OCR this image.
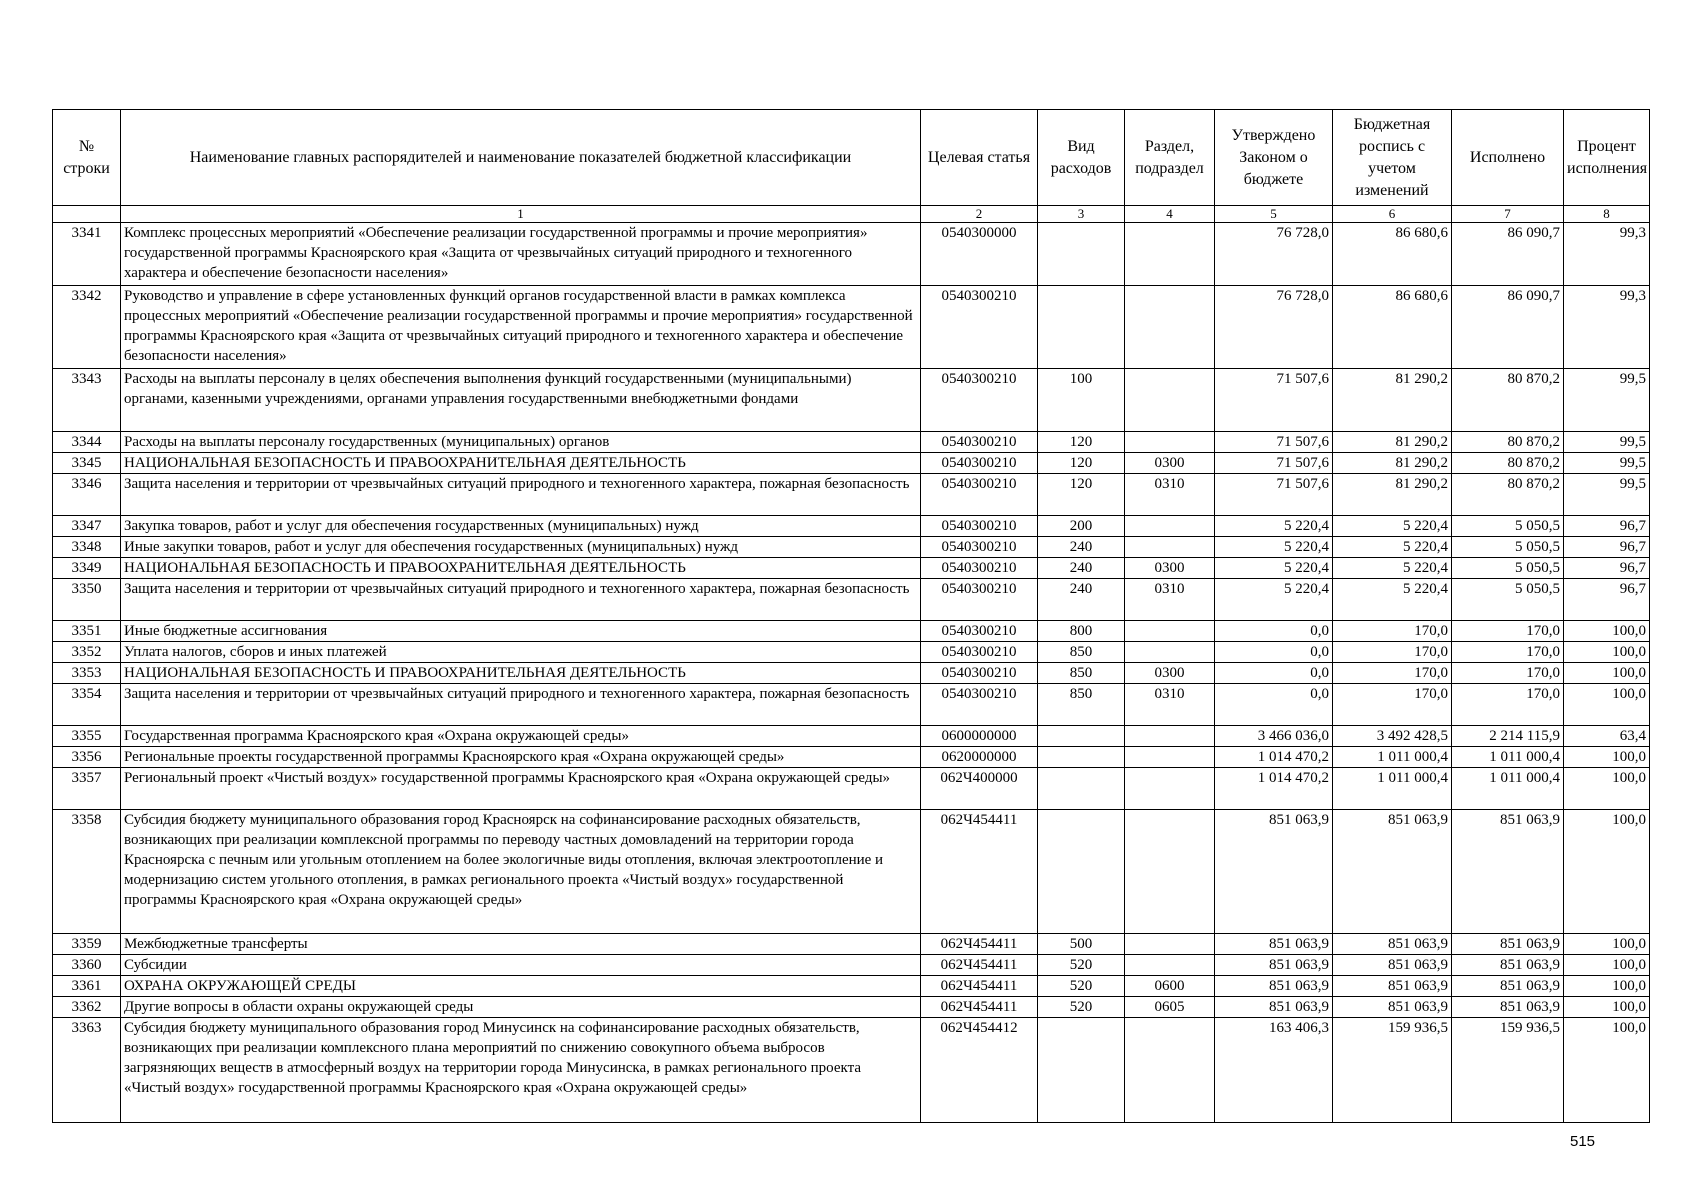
№ строки	Наименование главных распорядителей и наименование показателей бюджетной классификации	Целевая статья	Вид расходов	Раздел, подраздел	Утверждено Законом о бюджете	Бюджетная роспись с учетом изменений	Исполнено	Процент исполнения
	1	2	3	4	5	6	7	8
3341	Комплекс процессных мероприятий «Обеспечение реализации государственной программы и прочие мероприятия» государственной программы Красноярского края «Защита от чрезвычайных ситуаций природного и техногенного характера и обеспечение безопасности населения»	0540300000			76 728,0	86 680,6	86 090,7	99,3
3342	Руководство и управление в сфере установленных функций органов государственной власти в рамках комплекса процессных мероприятий «Обеспечение реализации государственной программы и прочие мероприятия» государственной программы Красноярского края «Защита от чрезвычайных ситуаций природного и техногенного характера и обеспечение безопасности населения»	0540300210			76 728,0	86 680,6	86 090,7	99,3
3343	Расходы на выплаты персоналу в целях обеспечения выполнения функций государственными (муниципальными) органами, казенными учреждениями, органами управления государственными внебюджетными фондами	0540300210	100		71 507,6	81 290,2	80 870,2	99,5
3344	Расходы на выплаты персоналу государственных (муниципальных) органов	0540300210	120		71 507,6	81 290,2	80 870,2	99,5
3345	НАЦИОНАЛЬНАЯ БЕЗОПАСНОСТЬ И ПРАВООХРАНИТЕЛЬНАЯ ДЕЯТЕЛЬНОСТЬ	0540300210	120	0300	71 507,6	81 290,2	80 870,2	99,5
3346	Защита населения и территории от чрезвычайных ситуаций природного и техногенного характера, пожарная безопасность	0540300210	120	0310	71 507,6	81 290,2	80 870,2	99,5
3347	Закупка товаров, работ и услуг для обеспечения государственных (муниципальных) нужд	0540300210	200		5 220,4	5 220,4	5 050,5	96,7
3348	Иные закупки товаров, работ и услуг для обеспечения государственных (муниципальных) нужд	0540300210	240		5 220,4	5 220,4	5 050,5	96,7
3349	НАЦИОНАЛЬНАЯ БЕЗОПАСНОСТЬ И ПРАВООХРАНИТЕЛЬНАЯ ДЕЯТЕЛЬНОСТЬ	0540300210	240	0300	5 220,4	5 220,4	5 050,5	96,7
3350	Защита населения и территории от чрезвычайных ситуаций природного и техногенного характера, пожарная безопасность	0540300210	240	0310	5 220,4	5 220,4	5 050,5	96,7
3351	Иные бюджетные ассигнования	0540300210	800		0,0	170,0	170,0	100,0
3352	Уплата налогов, сборов и иных платежей	0540300210	850		0,0	170,0	170,0	100,0
3353	НАЦИОНАЛЬНАЯ БЕЗОПАСНОСТЬ И ПРАВООХРАНИТЕЛЬНАЯ ДЕЯТЕЛЬНОСТЬ	0540300210	850	0300	0,0	170,0	170,0	100,0
3354	Защита населения и территории от чрезвычайных ситуаций природного и техногенного характера, пожарная безопасность	0540300210	850	0310	0,0	170,0	170,0	100,0
3355	Государственная программа Красноярского края «Охрана окружающей среды»	0600000000			3 466 036,0	3 492 428,5	2 214 115,9	63,4
3356	Региональные проекты государственной программы Красноярского края «Охрана окружающей среды»	0620000000			1 014 470,2	1 011 000,4	1 011 000,4	100,0
3357	Региональный проект «Чистый воздух» государственной программы Красноярского края «Охрана окружающей среды»	062Ч400000			1 014 470,2	1 011 000,4	1 011 000,4	100,0
3358	Субсидия бюджету муниципального образования город Красноярск на софинансирование расходных обязательств, возникающих при реализации комплексной программы по переводу частных домовладений на территории города Красноярска с печным или угольным отоплением на более экологичные виды отопления, включая электроотопление и модернизацию систем угольного отопления, в рамках регионального проекта «Чистый воздух» государственной программы Красноярского края «Охрана окружающей среды»	062Ч454411			851 063,9	851 063,9	851 063,9	100,0
3359	Межбюджетные трансферты	062Ч454411	500		851 063,9	851 063,9	851 063,9	100,0
3360	Субсидии	062Ч454411	520		851 063,9	851 063,9	851 063,9	100,0
3361	ОХРАНА ОКРУЖАЮЩЕЙ СРЕДЫ	062Ч454411	520	0600	851 063,9	851 063,9	851 063,9	100,0
3362	Другие вопросы в области охраны окружающей среды	062Ч454411	520	0605	851 063,9	851 063,9	851 063,9	100,0
3363	Субсидия бюджету муниципального образования город Минусинск на софинансирование расходных обязательств, возникающих при реализации комплексного плана мероприятий по снижению совокупного объема выбросов загрязняющих веществ в атмосферный воздух на территории города Минусинска, в рамках регионального проекта «Чистый воздух» государственной программы Красноярского края «Охрана окружающей среды»	062Ч454412			163 406,3	159 936,5	159 936,5	100,0
515
